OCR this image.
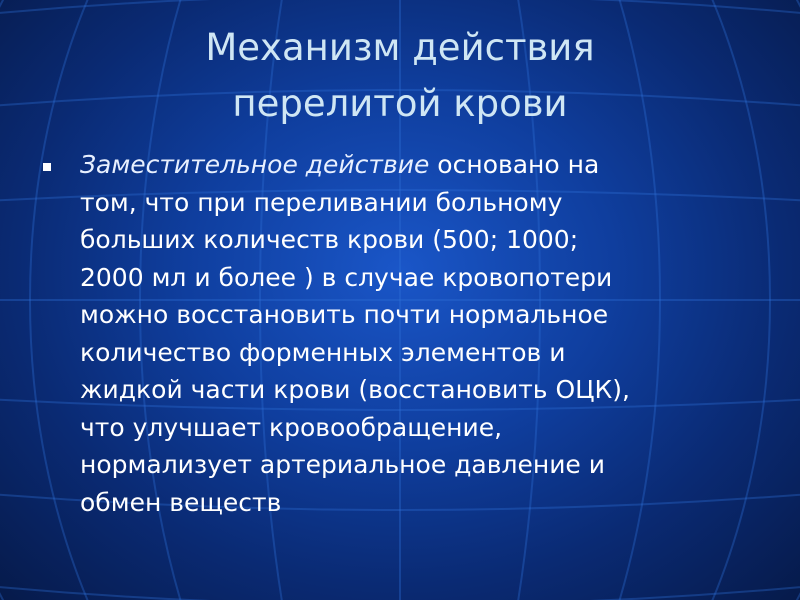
Механизм действия
перелитой крови
Заместительное действие основано на
том, что при переливании больному
больших количеств крови (500; 1000;
2000 мл и более ) в случае кровопотери
можно восстановить почти нормальное
количество форменных элементов и
жидкой части крови (восстановить ОЦК),
что улучшает кровообращение,
нормализует артериальное давление и
обмен веществ
